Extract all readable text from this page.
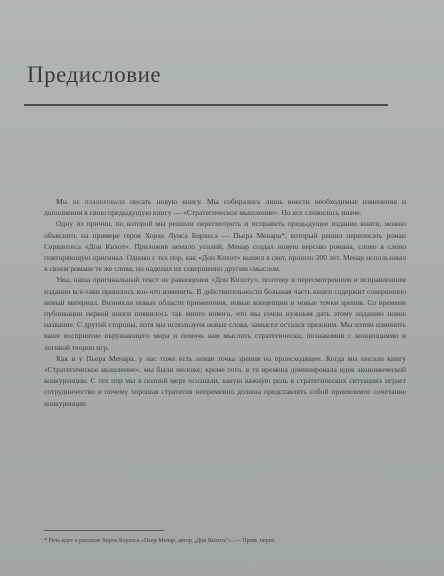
Предисловие

Мы не планировали писать новую книгу. Мы собирались лишь внести необходимые изменения и дополнения в свою предыдущую книгу — «Стратегическое мышление». Но все сложилось иначе.

Одну из причин, по которой мы решили пересмотреть и исправить предыдущее издание книги, можно объяснить на примере героя Хорхе Луиса Борхеса — Пьера Менара*, который решил переписать роман Сервантеса «Дон Кихот». Приложив немало усилий, Менар создал новую версию романа, слово в слово повторяющую оригинал. Однако с тех пор, как «Дон Кихот» вышел в свет, прошло 300 лет. Менар использовал в своем романе те же слова, но наделил их совершенно другим смыслом.

Увы, наша оригинальный текст не равноценен «Дон Кихоту», поэтому в пересмотренном и исправленном издании все-таки пришлось кое-что изменить. В действительности большая часть книги содержит совершенно новый материал. Возникли новые области применения, новые концепции и новые точки зрения. Со времени публикации первой книги появилось так много нового, что мы сочли нужным дать этому изданию новое название. С другой стороны, хотя мы используем новые слова, замысел остался прежним. Мы хотим изменить ваше восприятие окружающего мира и помочь вам мыслить стратегически, познакомив с концепциями и логикой теории игр.

Как и у Пьера Менара, у нас тоже есть новая точка зрения на происходящее. Когда мы писали книгу «Стратегическое мышление», мы были моложе; кроме того, в те времена доминировала идея экономической конкуренции. С тех пор мы в полной мере осознали, какую важную роль в стратегических ситуациях играет сотрудничество и почему хорошая стратегия непременно должна представлять собой приемлемое сочетание конкуренции

* Речь идет о рассказе Хорхе Борхеса «Пьер Менар, автор „Дон Кихота“». — Прим. перев.
